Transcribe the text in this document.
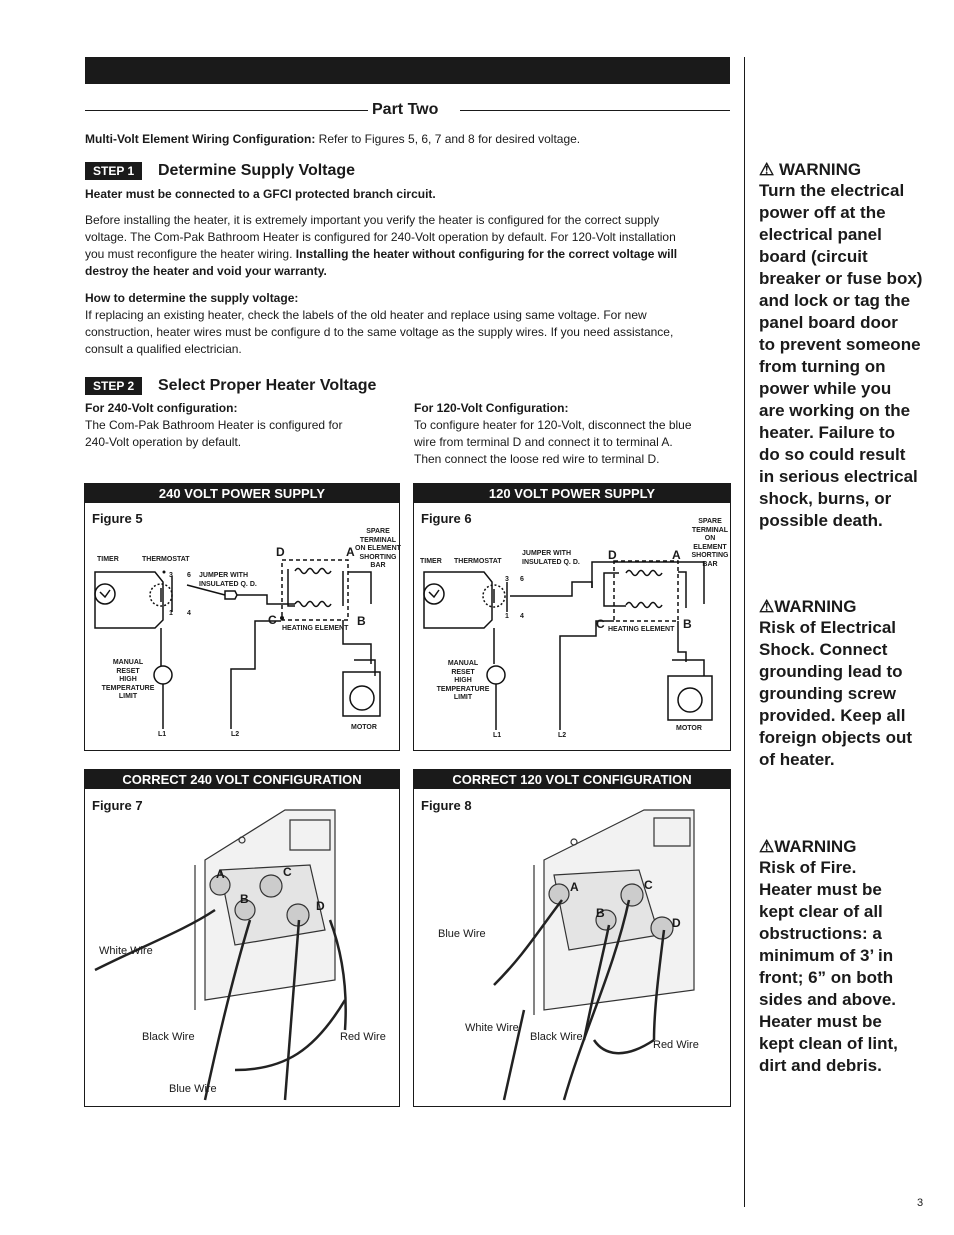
Part Two
Multi-Volt Element Wiring Configuration: Refer to Figures 5, 6, 7 and 8 for desired voltage.
STEP 1	Determine Supply Voltage
Heater must be connected to a GFCI protected branch circuit.
Before installing the heater, it is extremely important you verify the heater is configured for the correct supply
voltage. The Com-Pak Bathroom Heater is configured for 240-Volt operation by default. For 120-Volt installation
you must reconfigure the heater wiring. Installing the heater without configuring for the correct voltage will
destroy the heater and void your warranty.
How to determine the supply voltage:
If replacing an existing heater, check the labels of the old heater and replace using same voltage. For new
construction, heater wires must be configure d to the same voltage as the supply wires. If you need assistance,
consult a qualified electrician.
STEP 2	Select Proper Heater Voltage
For 240-Volt configuration:
The Com-Pak Bathroom Heater is configured for
240-Volt operation by default.
For 120-Volt Configuration:
To configure heater for 120-Volt, disconnect the blue
wire from terminal D and connect it to terminal A.
Then connect the loose red wire to terminal D.
240 VOLT POWER SUPPLY
Figure 5
TIMER	THERMOSTAT
3 6
1 4
JUMPER WITH
INSULATED Q. D.
SPARE
TERMINAL
ON ELEMENT
SHORTING
BAR
D	A
C	B
HEATING ELEMENT
MANUAL
RESET
HIGH
TEMPERATURE
LIMIT
MOTOR
L1	L2
120 VOLT POWER SUPPLY
Figure 6
TIMER THERMOSTAT
3 6
1 4
JUMPER WITH
INSULATED Q. D.
SPARE
TERMINAL
ON
ELEMENT
SHORTING
BAR
D	A
C	B
HEATING ELEMENT
MANUAL
RESET
HIGH
TEMPERATURE
LIMIT
MOTOR
L1	L2
CORRECT 240 VOLT CONFIGURATION
Figure 7
A	C
B	D
White Wire
Black Wire	Red Wire
Blue Wire
CORRECT 120 VOLT CONFIGURATION
Figure 8
A	C
B
D
Blue Wire
White Wire
Black Wire
Red Wire
⚠ WARNING
Turn the electrical
power off at the
electrical panel
board (circuit
breaker or fuse box)
and lock or tag the
panel board door
to prevent someone
from turning on
power while you
are working on the
heater. Failure to
do so could result
in serious electrical
shock, burns, or
possible death.
⚠WARNING
Risk of Electrical
Shock. Connect
grounding lead to
grounding screw
provided. Keep all
foreign objects out
of heater.
⚠WARNING
Risk of Fire.
Heater must be
kept clear of all
obstructions: a
minimum of 3’ in
front; 6” on both
sides and above.
Heater must be
kept clean of lint,
dirt and debris.
3
